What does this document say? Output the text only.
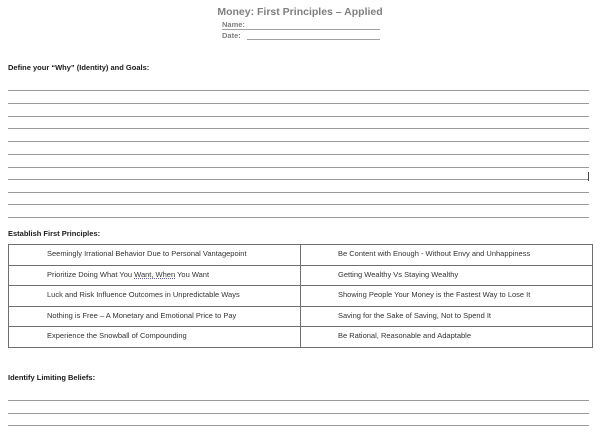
Money: First Principles – Applied
Name:
Date:
Define your “Why” (Identity) and Goals:
Establish First Principles:
Seemingly Irrational Behavior Due to Personal Vantagepoint	Be Content with Enough - Without Envy and Unhappiness

Prioritize Doing What You Want, When You Want	Getting Wealthy Vs Staying Wealthy

Luck and Risk Influence Outcomes in Unpredictable Ways	Showing People Your Money is the Fastest Way to Lose It

Nothing is Free – A Monetary and Emotional Price to Pay	Saving for the Sake of Saving, Not to Spend It

Experience the Snowball of Compounding	Be Rational, Reasonable and Adaptable
Identify Limiting Beliefs:
